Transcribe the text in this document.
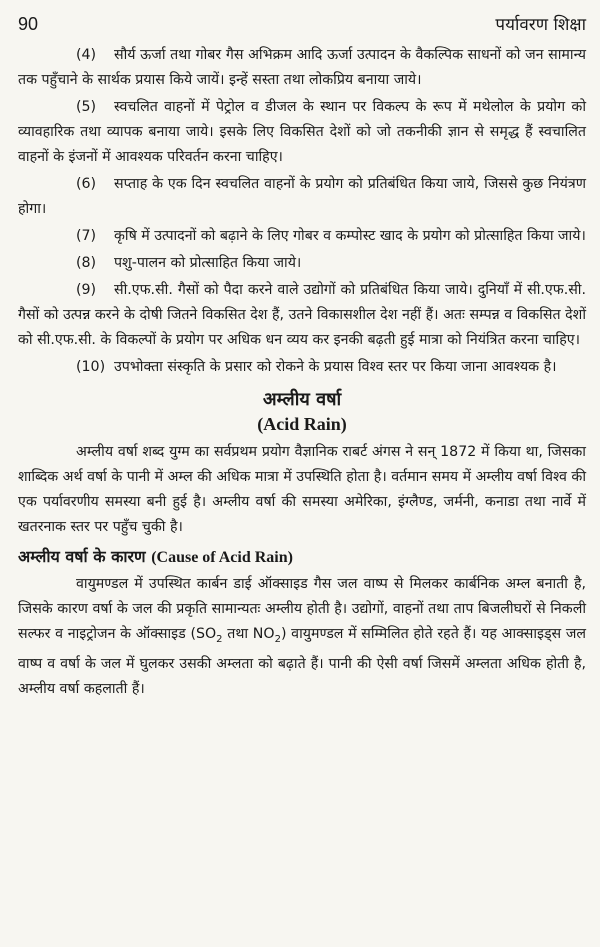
90	पर्यावरण शिक्षा

(4) सौर्य ऊर्जा तथा गोबर गैस अभिक्रम आदि ऊर्जा उत्पादन के वैकल्पिक साधनों को जन सामान्य तक पहुँचाने के सार्थक प्रयास किये जायें। इन्हें सस्ता तथा लोकप्रिय बनाया जाये।

(5) स्वचलित वाहनों में पेट्रोल व डीजल के स्थान पर विकल्प के रूप में मथेलोल के प्रयोग को व्यावहारिक तथा व्यापक बनाया जाये। इसके लिए विकसित देशों को जो तकनीकी ज्ञान से समृद्ध हैं स्वचालित वाहनों के इंजनों में आवश्यक परिवर्तन करना चाहिए।

(6) सप्ताह के एक दिन स्वचलित वाहनों के प्रयोग को प्रतिबंधित किया जाये, जिससे कुछ नियंत्रण होगा।

(7) कृषि में उत्पादनों को बढ़ाने के लिए गोबर व कम्पोस्ट खाद के प्रयोग को प्रोत्साहित किया जाये।

(8) पशु-पालन को प्रोत्साहित किया जाये।

(9) सी.एफ.सी. गैसों को पैदा करने वाले उद्योगों को प्रतिबंधित किया जाये। दुनियाँ में सी.एफ.सी. गैसों को उत्पन्न करने के दोषी जितने विकसित देश हैं, उतने विकासशील देश नहीं हैं। अतः सम्पन्न व विकसित देशों को सी.एफ.सी. के विकल्पों के प्रयोग पर अधिक धन व्यय कर इनकी बढ़ती हुई मात्रा को नियंत्रित करना चाहिए।

(10) उपभोक्ता संस्कृति के प्रसार को रोकने के प्रयास विश्व स्तर पर किया जाना आवश्यक है।

अम्लीय वर्षा
(Acid Rain)

अम्लीय वर्षा शब्द युग्म का सर्वप्रथम प्रयोग वैज्ञानिक राबर्ट अंगस ने सन् 1872 में किया था, जिसका शाब्दिक अर्थ वर्षा के पानी में अम्ल की अधिक मात्रा में उपस्थिति होता है। वर्तमान समय में अम्लीय वर्षा विश्व की एक पर्यावरणीय समस्या बनी हुई है। अम्लीय वर्षा की समस्या अमेरिका, इंग्लैण्ड, जर्मनी, कनाडा तथा नार्वे में खतरनाक स्तर पर पहुँच चुकी है।

अम्लीय वर्षा के कारण (Cause of Acid Rain)

वायुमण्डल में उपस्थित कार्बन डाई ऑक्साइड गैस जल वाष्प से मिलकर कार्बनिक अम्ल बनाती है, जिसके कारण वर्षा के जल की प्रकृति सामान्यतः अम्लीय होती है। उद्योगों, वाहनों तथा ताप बिजलीघरों से निकली सल्फर व नाइट्रोजन के ऑक्साइड ($SO_2$ तथा $NO_2$) वायुमण्डल में सम्मिलित होते रहते हैं। यह आक्साइड्स जल वाष्प व वर्षा के जल में घुलकर उसकी अम्लता को बढ़ाते हैं। पानी की ऐसी वर्षा जिसमें अम्लता अधिक होती है, अम्लीय वर्षा कहलाती हैं।
